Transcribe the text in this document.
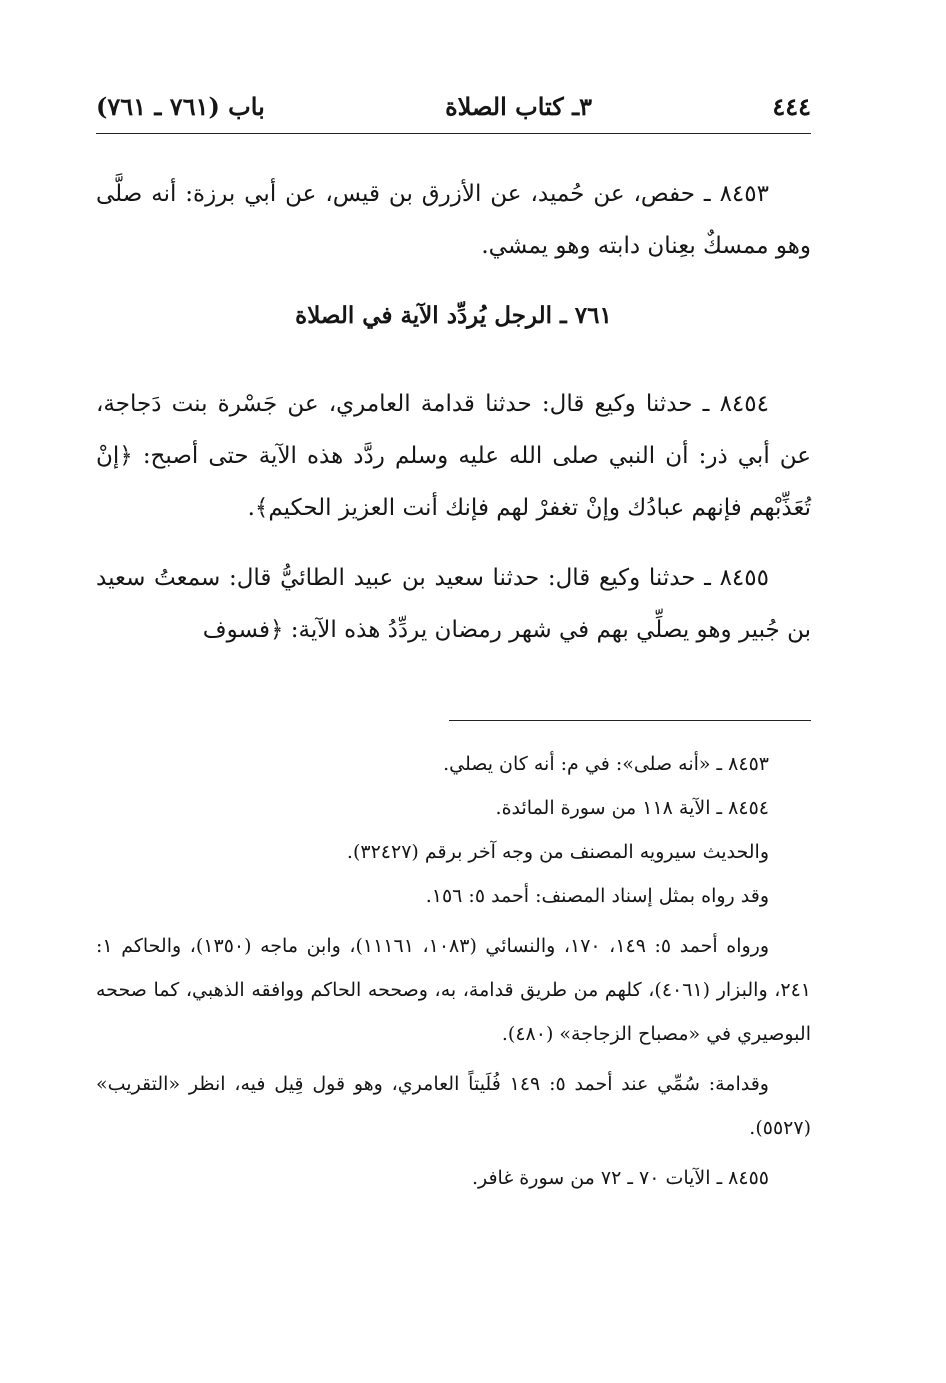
٤٤٤
٣ـ كتاب الصلاة
باب (٧٦١ ـ ٧٦١)

٨٤٥٣ ـ حفص، عن حُميد، عن الأزرق بن قيس، عن أبي برزة: أنه صلَّى وهو ممسكٌ بعِنان دابته وهو يمشي.

٧٦١ ـ الرجل يُردِّد الآية في الصلاة

٨٤٥٤ ـ حدثنا وكيع قال: حدثنا قدامة العامري، عن جَسْرة بنت دَجاجة، عن أبي ذر: أن النبي صلى الله عليه وسلم ردَّد هذه الآية حتى أصبح: ﴿إنْ تُعَذِّبْهم فإنهم عبادُك وإنْ تغفرْ لهم فإنك أنت العزيز الحكيم﴾.

٨٤٥٥ ـ حدثنا وكيع قال: حدثنا سعيد بن عبيد الطائيُّ قال: سمعتُ سعيد بن جُبير وهو يصلِّي بهم في شهر رمضان يردِّدُ هذه الآية: ﴿فسوف

٨٤٥٣ ـ «أنه صلى»: في م: أنه كان يصلي.

٨٤٥٤ ـ الآية ١١٨ من سورة المائدة.

والحديث سيرويه المصنف من وجه آخر برقم (٣٢٤٢٧).

وقد رواه بمثل إسناد المصنف: أحمد ٥: ١٥٦.

ورواه أحمد ٥: ١٤٩، ١٧٠، والنسائي (١٠٨٣، ١١١٦١)، وابن ماجه (١٣٥٠)، والحاكم ١: ٢٤١، والبزار (٤٠٦١)، كلهم من طريق قدامة، به، وصححه الحاكم ووافقه الذهبي، كما صححه البوصيري في «مصباح الزجاجة» (٤٨٠).

وقدامة: سُمِّي عند أحمد ٥: ١٤٩ فُلَيتاً العامري، وهو قول قِيل فيه، انظر «التقريب» (٥٥٢٧).

٨٤٥٥ ـ الآيات ٧٠ ـ ٧٢ من سورة غافر.
